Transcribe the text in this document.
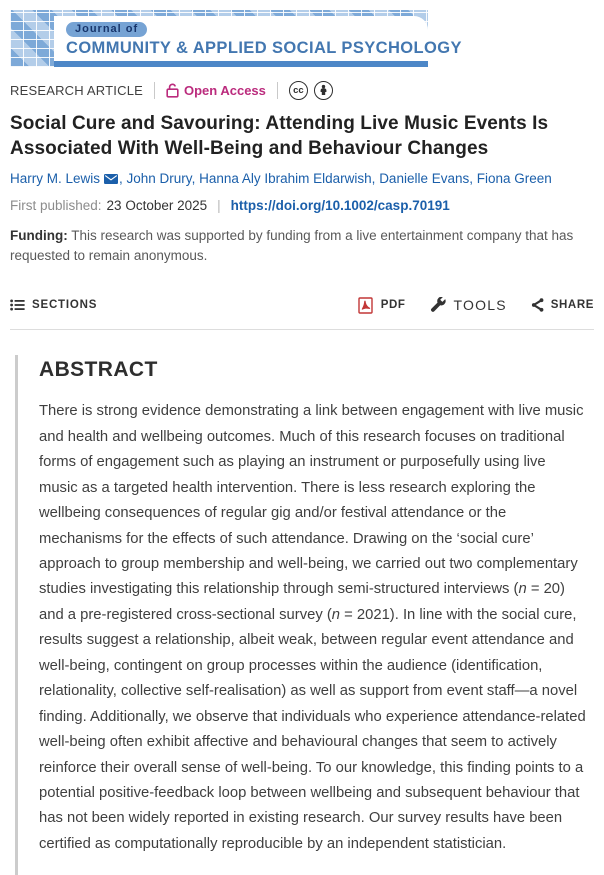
Journal of
COMMUNITY & APPLIED SOCIAL PSYCHOLOGY
RESEARCH ARTICLE	Open Access	cc
Social Cure and Savouring: Attending Live Music Events Is Associated With Well-Being and Behaviour Changes
Harry M. Lewis , John Drury, Hanna Aly Ibrahim Eldarwish, Danielle Evans, Fiona Green
First published: 23 October 2025 | https://doi.org/10.1002/casp.70191
Funding: This research was supported by funding from a live entertainment company that has requested to remain anonymous.
SECTIONS	PDF	TOOLS	SHARE
ABSTRACT

There is strong evidence demonstrating a link between engagement with live music and health and wellbeing outcomes. Much of this research focuses on traditional forms of engagement such as playing an instrument or purposefully using live music as a targeted health intervention. There is less research exploring the wellbeing consequences of regular gig and/or festival attendance or the mechanisms for the effects of such attendance. Drawing on the ‘social cure’ approach to group membership and well-being, we carried out two complementary studies investigating this relationship through semi-structured interviews (n = 20) and a pre-registered cross-sectional survey (n = 2021). In line with the social cure, results suggest a relationship, albeit weak, between regular event attendance and well-being, contingent on group processes within the audience (identification, relationality, collective self-realisation) as well as support from event staff—a novel finding. Additionally, we observe that individuals who experience attendance-related well-being often exhibit affective and behavioural changes that seem to actively reinforce their overall sense of well-being. To our knowledge, this finding points to a potential positive-feedback loop between wellbeing and subsequent behaviour that has not been widely reported in existing research. Our survey results have been certified as computationally reproducible by an independent statistician.
